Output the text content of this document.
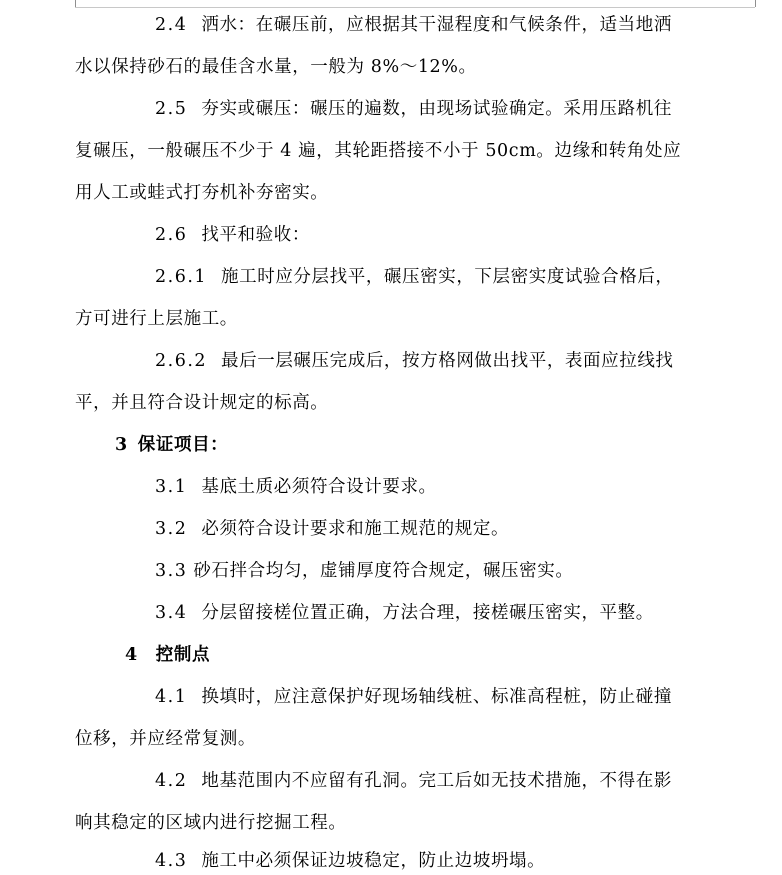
2.4 洒水：在碾压前，应根据其干湿程度和气候条件，适当地洒
水以保持砂石的最佳含水量，一般为 8%～12%。
2.5 夯实或碾压：碾压的遍数，由现场试验确定。采用压路机往
复碾压，一般碾压不少于 4 遍，其轮距搭接不小于 50cm。边缘和转角处应
用人工或蛙式打夯机补夯密实。
2.6 找平和验收：
2.6.1 施工时应分层找平，碾压密实，下层密实度试验合格后，
方可进行上层施工。
2.6.2 最后一层碾压完成后，按方格网做出找平，表面应拉线找
平，并且符合设计规定的标高。
3 保证项目：
3.1 基底土质必须符合设计要求。
3.2 必须符合设计要求和施工规范的规定。
3.3 砂石拌合均匀，虚铺厚度符合规定，碾压密实。
3.4 分层留接槎位置正确，方法合理，接槎碾压密实，平整。
4 控制点
4.1 换填时，应注意保护好现场轴线桩、标准高程桩，防止碰撞
位移，并应经常复测。
4.2 地基范围内不应留有孔洞。完工后如无技术措施，不得在影
响其稳定的区域内进行挖掘工程。
4.3 施工中必须保证边坡稳定，防止边坡坍塌。
